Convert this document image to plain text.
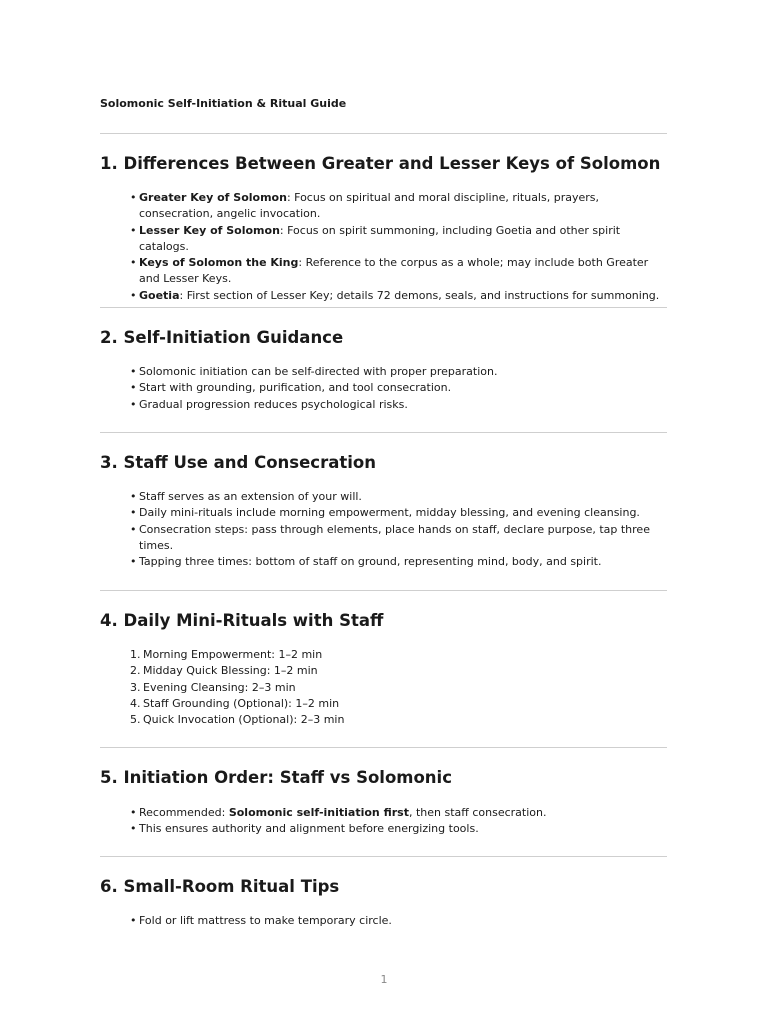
Solomonic Self-Initiation & Ritual Guide
1. Differences Between Greater and Lesser Keys of Solomon
• Greater Key of Solomon: Focus on spiritual and moral discipline, rituals, prayers, consecration, angelic invocation.
• Lesser Key of Solomon: Focus on spirit summoning, including Goetia and other spirit catalogs.
• Keys of Solomon the King: Reference to the corpus as a whole; may include both Greater and Lesser Keys.
• Goetia: First section of Lesser Key; details 72 demons, seals, and instructions for summoning.
2. Self-Initiation Guidance
• Solomonic initiation can be self-directed with proper preparation.
• Start with grounding, purification, and tool consecration.
• Gradual progression reduces psychological risks.
3. Staff Use and Consecration
• Staff serves as an extension of your will.
• Daily mini-rituals include morning empowerment, midday blessing, and evening cleansing.
• Consecration steps: pass through elements, place hands on staff, declare purpose, tap three times.
• Tapping three times: bottom of staff on ground, representing mind, body, and spirit.
4. Daily Mini-Rituals with Staff
1. Morning Empowerment: 1–2 min
2. Midday Quick Blessing: 1–2 min
3. Evening Cleansing: 2–3 min
4. Staff Grounding (Optional): 1–2 min
5. Quick Invocation (Optional): 2–3 min
5. Initiation Order: Staff vs Solomonic
• Recommended: Solomonic self-initiation first, then staff consecration.
• This ensures authority and alignment before energizing tools.
6. Small-Room Ritual Tips
• Fold or lift mattress to make temporary circle.
1
